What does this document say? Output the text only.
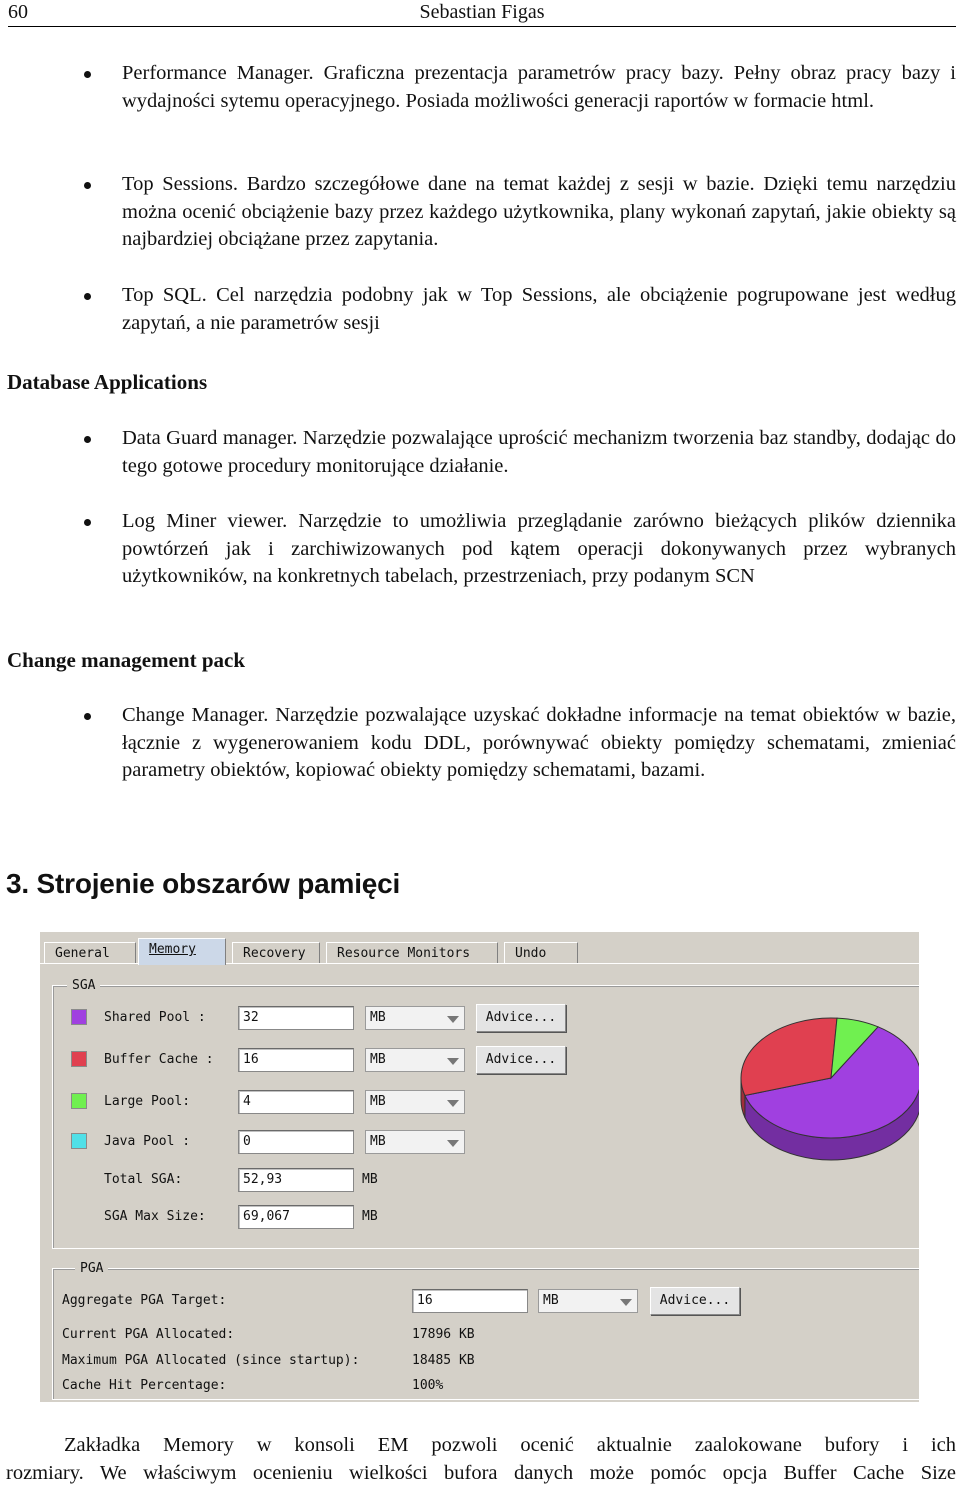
60	Sebastian Figas
Performance Manager. Graficzna prezentacja parametrów pracy bazy. Pełny obraz pracy bazy i wydajności sytemu operacyjnego. Posiada możliwości generacji raportów w formacie html.
Top Sessions. Bardzo szczegółowe dane na temat każdej z sesji w bazie. Dzięki temu narzędziu można ocenić obciążenie bazy przez każdego użytkownika, plany wykonań zapytań, jakie obiekty są najbardziej obciążane przez zapytania.
Top SQL. Cel narzędzia podobny jak w Top Sessions, ale obciążenie pogrupowane jest według zapytań, a nie parametrów sesji
Database Applications
Data Guard manager. Narzędzie pozwalające uprościć mechanizm tworzenia baz standby, dodając do tego gotowe procedury monitorujące działanie.
Log Miner viewer. Narzędzie to umożliwia przeglądanie zarówno bieżących plików dziennika powtórzeń jak i zarchiwizowanych pod kątem operacji dokonywanych przez wybranych użytkowników, na konkretnych tabelach, przestrzeniach, przy podanym SCN
Change management pack
Change Manager. Narzędzie pozwalające uzyskać dokładne informacje na temat obiektów w bazie, łącznie z wygenerowaniem kodu DDL, porównywać obiekty pomiędzy schematami, zmieniać parametry obiektów, kopiować obiekty pomiędzy schematami, bazami.
3. Strojenie obszarów pamięci
General	Memory	Recovery	Resource Monitors	Undo
SGA
Shared Pool :	32	MB	Advice...
Buffer Cache :	16	MB	Advice...
Large Pool:	4	MB
Java Pool :	0	MB
Total SGA:	52,93	MB
SGA Max Size:	69,067	MB
PGA
Aggregate PGA Target:	16	MB	Advice...
Current PGA Allocated:	17896 KB
Maximum PGA Allocated (since startup):	18485 KB
Cache Hit Percentage:	100%
Zakładka Memory w konsoli EM pozwoli ocenić aktualnie zaalokowane bufory i ich
rozmiary. We właściwym ocenieniu wielkości bufora danych może pomóc opcja Buffer Cache Size
